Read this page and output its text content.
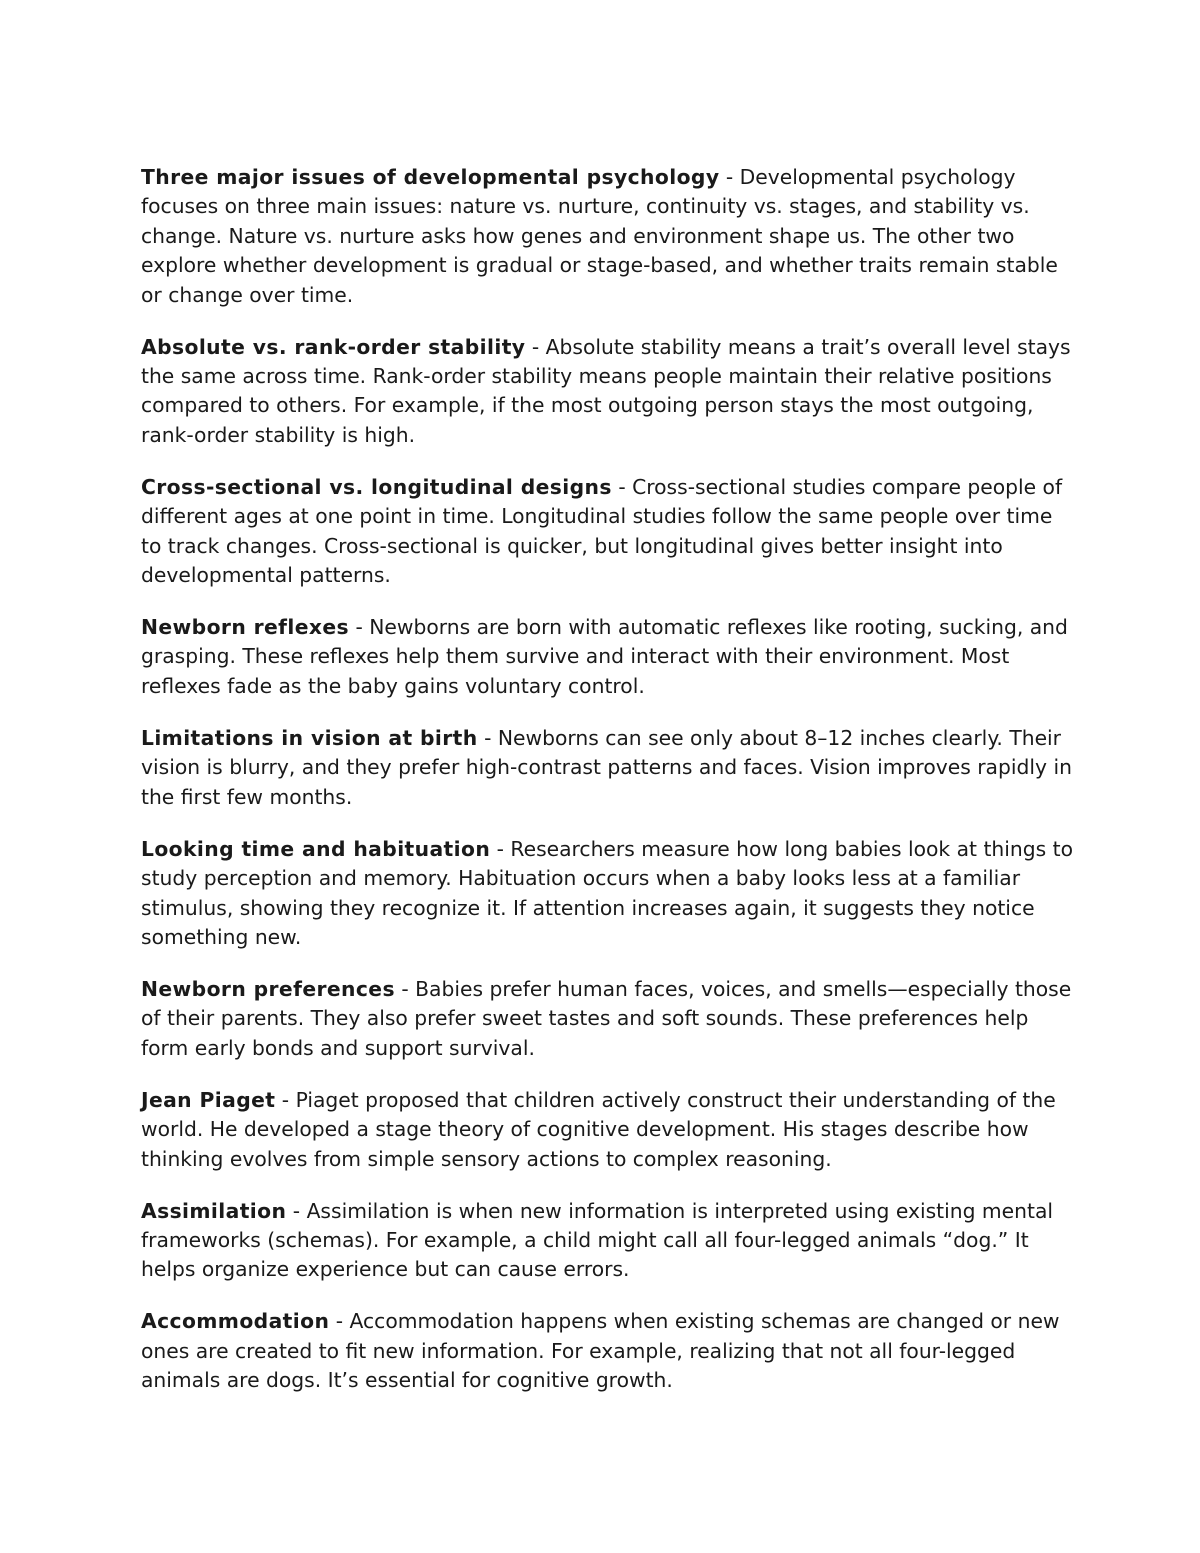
Three major issues of developmental psychology - Developmental psychology focuses on three main issues: nature vs. nurture, continuity vs. stages, and stability vs. change. Nature vs. nurture asks how genes and environment shape us. The other two explore whether development is gradual or stage-based, and whether traits remain stable or change over time.

Absolute vs. rank-order stability - Absolute stability means a trait’s overall level stays the same across time. Rank-order stability means people maintain their relative positions compared to others. For example, if the most outgoing person stays the most outgoing, rank-order stability is high.

Cross-sectional vs. longitudinal designs - Cross-sectional studies compare people of different ages at one point in time. Longitudinal studies follow the same people over time to track changes. Cross-sectional is quicker, but longitudinal gives better insight into developmental patterns.

Newborn reflexes - Newborns are born with automatic reflexes like rooting, sucking, and grasping. These reflexes help them survive and interact with their environment. Most reflexes fade as the baby gains voluntary control.

Limitations in vision at birth - Newborns can see only about 8–12 inches clearly. Their vision is blurry, and they prefer high-contrast patterns and faces. Vision improves rapidly in the first few months.

Looking time and habituation - Researchers measure how long babies look at things to study perception and memory. Habituation occurs when a baby looks less at a familiar stimulus, showing they recognize it. If attention increases again, it suggests they notice something new.

Newborn preferences - Babies prefer human faces, voices, and smells—especially those of their parents. They also prefer sweet tastes and soft sounds. These preferences help form early bonds and support survival.

Jean Piaget - Piaget proposed that children actively construct their understanding of the world. He developed a stage theory of cognitive development. His stages describe how thinking evolves from simple sensory actions to complex reasoning.

Assimilation - Assimilation is when new information is interpreted using existing mental frameworks (schemas). For example, a child might call all four-legged animals “dog.” It helps organize experience but can cause errors.

Accommodation - Accommodation happens when existing schemas are changed or new ones are created to fit new information. For example, realizing that not all four-legged animals are dogs. It’s essential for cognitive growth.
